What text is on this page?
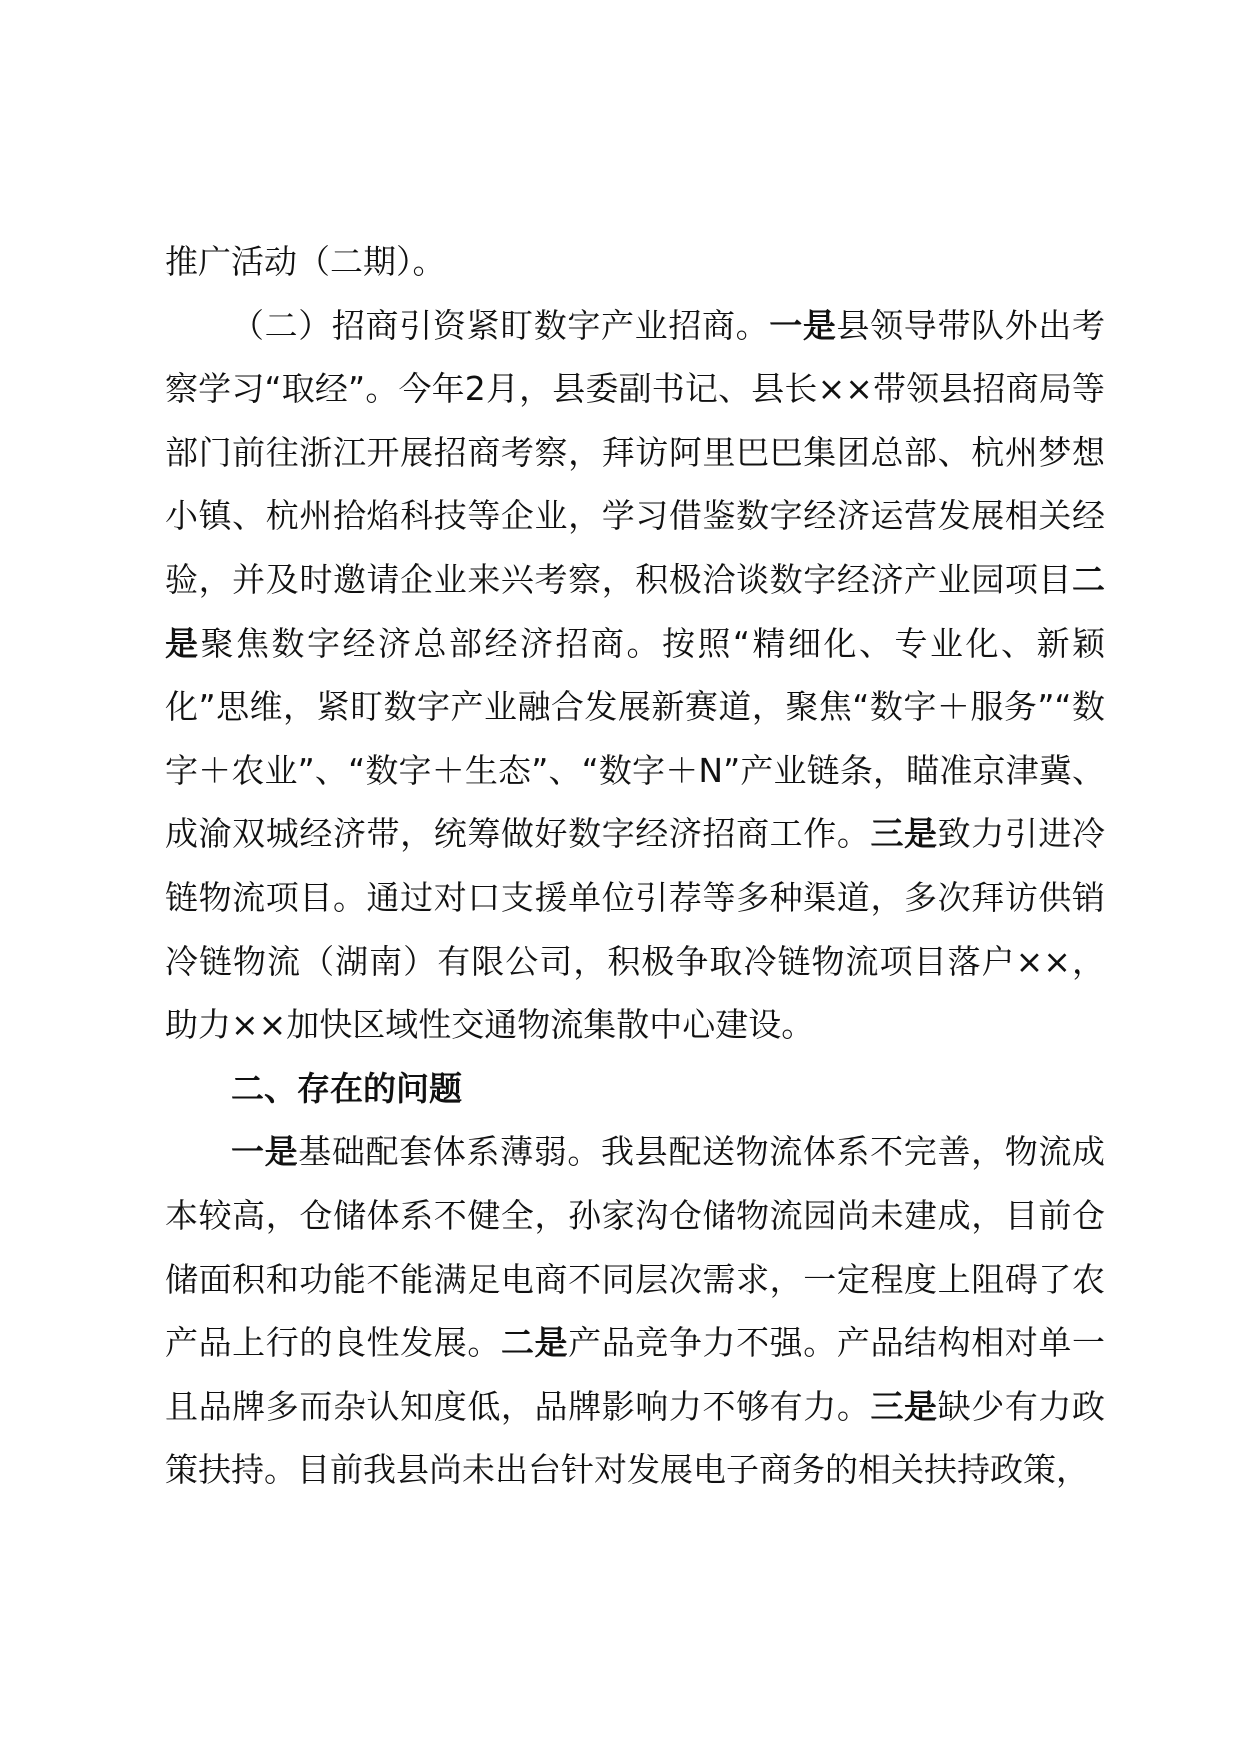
推广活动（二期）。

（二）招商引资紧盯数字产业招商。一是县领导带队外出考察学习“取经”。今年2月，县委副书记、县长××带领县招商局等部门前往浙江开展招商考察，拜访阿里巴巴集团总部、杭州梦想小镇、杭州拾焰科技等企业，学习借鉴数字经济运营发展相关经验，并及时邀请企业来兴考察，积极洽谈数字经济产业园项目二是聚焦数字经济总部经济招商。按照“精细化、专业化、新颖化”思维，紧盯数字产业融合发展新赛道，聚焦“数字＋服务”“数字＋农业”、“数字＋生态”、“数字＋N”产业链条，瞄准京津冀、成渝双城经济带，统筹做好数字经济招商工作。三是致力引进冷链物流项目。通过对口支援单位引荐等多种渠道，多次拜访供销冷链物流（湖南）有限公司，积极争取冷链物流项目落户××，助力××加快区域性交通物流集散中心建设。

二、存在的问题

一是基础配套体系薄弱。我县配送物流体系不完善，物流成本较高，仓储体系不健全，孙家沟仓储物流园尚未建成，目前仓储面积和功能不能满足电商不同层次需求，一定程度上阻碍了农产品上行的良性发展。二是产品竞争力不强。产品结构相对单一且品牌多而杂认知度低，品牌影响力不够有力。三是缺少有力政策扶持。目前我县尚未出台针对发展电子商务的相关扶持政策，
